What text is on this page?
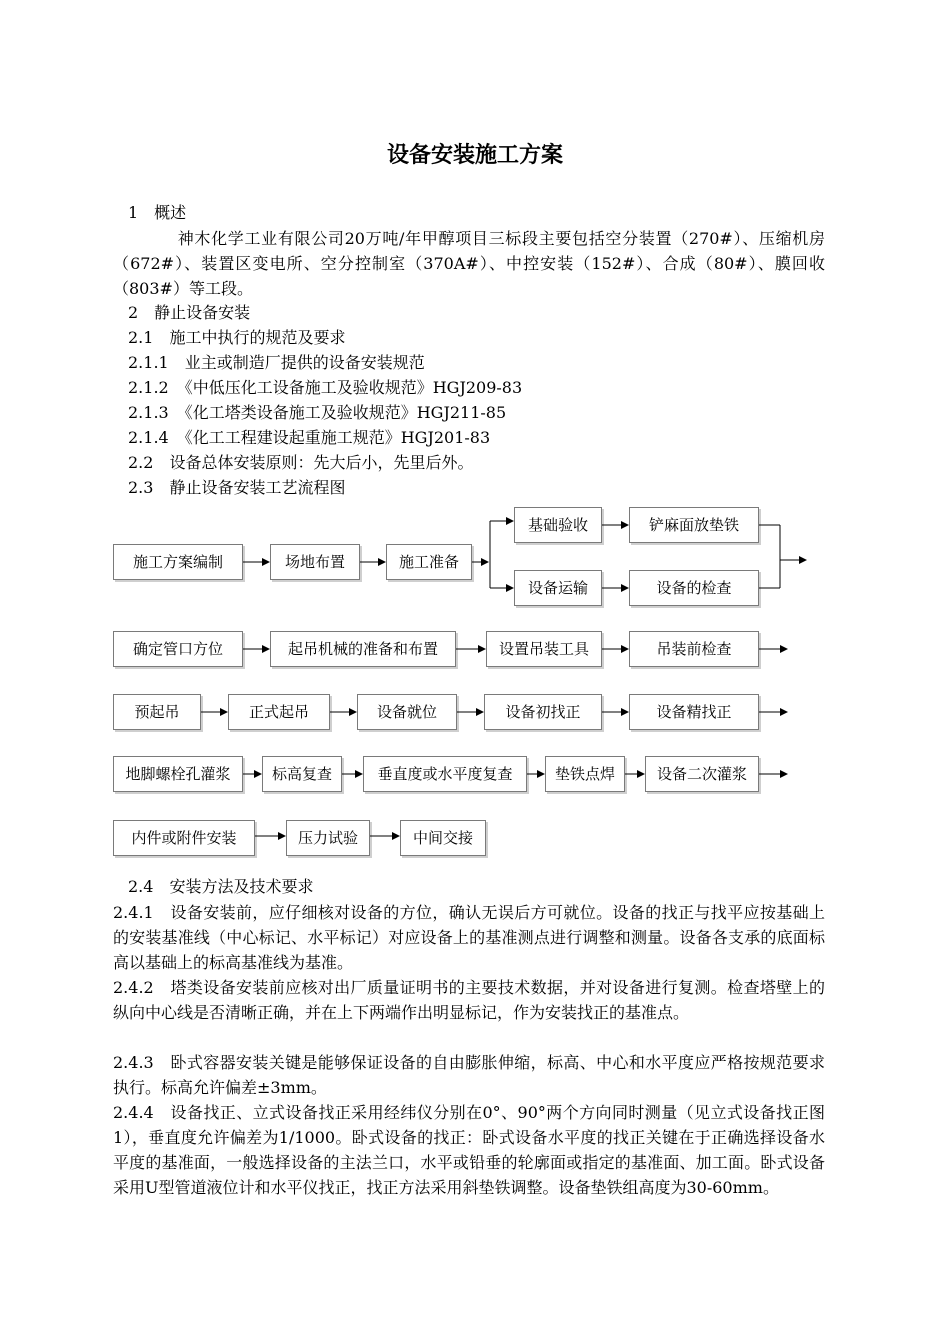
设备安装施工方案
1　概述
神木化学工业有限公司20万吨/年甲醇项目三标段主要包括空分装置（270#）、压缩机房（672#）、装置区变电所、空分控制室（370A#）、中控安装（152#）、合成（80#）、膜回收（803#）等工段。
2　静止设备安装
2.1　施工中执行的规范及要求
2.1.1　业主或制造厂提供的设备安装规范
2.1.2　《中低压化工设备施工及验收规范》HGJ209-83
2.1.3　《化工塔类设备施工及验收规范》HGJ211-85
2.1.4　《化工工程建设起重施工规范》HGJ201-83
2.2　设备总体安装原则：先大后小，先里后外。
2.3　静止设备安装工艺流程图
施工方案编制	场地布置	施工准备
基础验收	铲麻面放垫铁
设备运输	设备的检查
确定管口方位	起吊机械的准备和布置	设置吊装工具	吊装前检查
预起吊	正式起吊	设备就位	设备初找正	设备精找正
地脚螺栓孔灌浆	标高复查	垂直度或水平度复查	垫铁点焊	设备二次灌浆
内件或附件安装	压力试验	中间交接
2.4　安装方法及技术要求
2.4.1　设备安装前，应仔细核对设备的方位，确认无误后方可就位。设备的找正与找平应按基础上的安装基准线（中心标记、水平标记）对应设备上的基准测点进行调整和测量。设备各支承的底面标高以基础上的标高基准线为基准。
2.4.2　塔类设备安装前应核对出厂质量证明书的主要技术数据，并对设备进行复测。检查塔壁上的纵向中心线是否清晰正确，并在上下两端作出明显标记，作为安装找正的基准点。
2.4.3　卧式容器安装关键是能够保证设备的自由膨胀伸缩，标高、中心和水平度应严格按规范要求执行。标高允许偏差±3mm。
2.4.4　设备找正、立式设备找正采用经纬仪分别在0°、90°两个方向同时测量（见立式设备找正图1），垂直度允许偏差为1/1000。卧式设备的找正：卧式设备水平度的找正关键在于正确选择设备水平度的基准面，一般选择设备的主法兰口，水平或铅垂的轮廓面或指定的基准面、加工面。卧式设备采用U型管道液位计和水平仪找正，找正方法采用斜垫铁调整。设备垫铁组高度为30-60mm。
